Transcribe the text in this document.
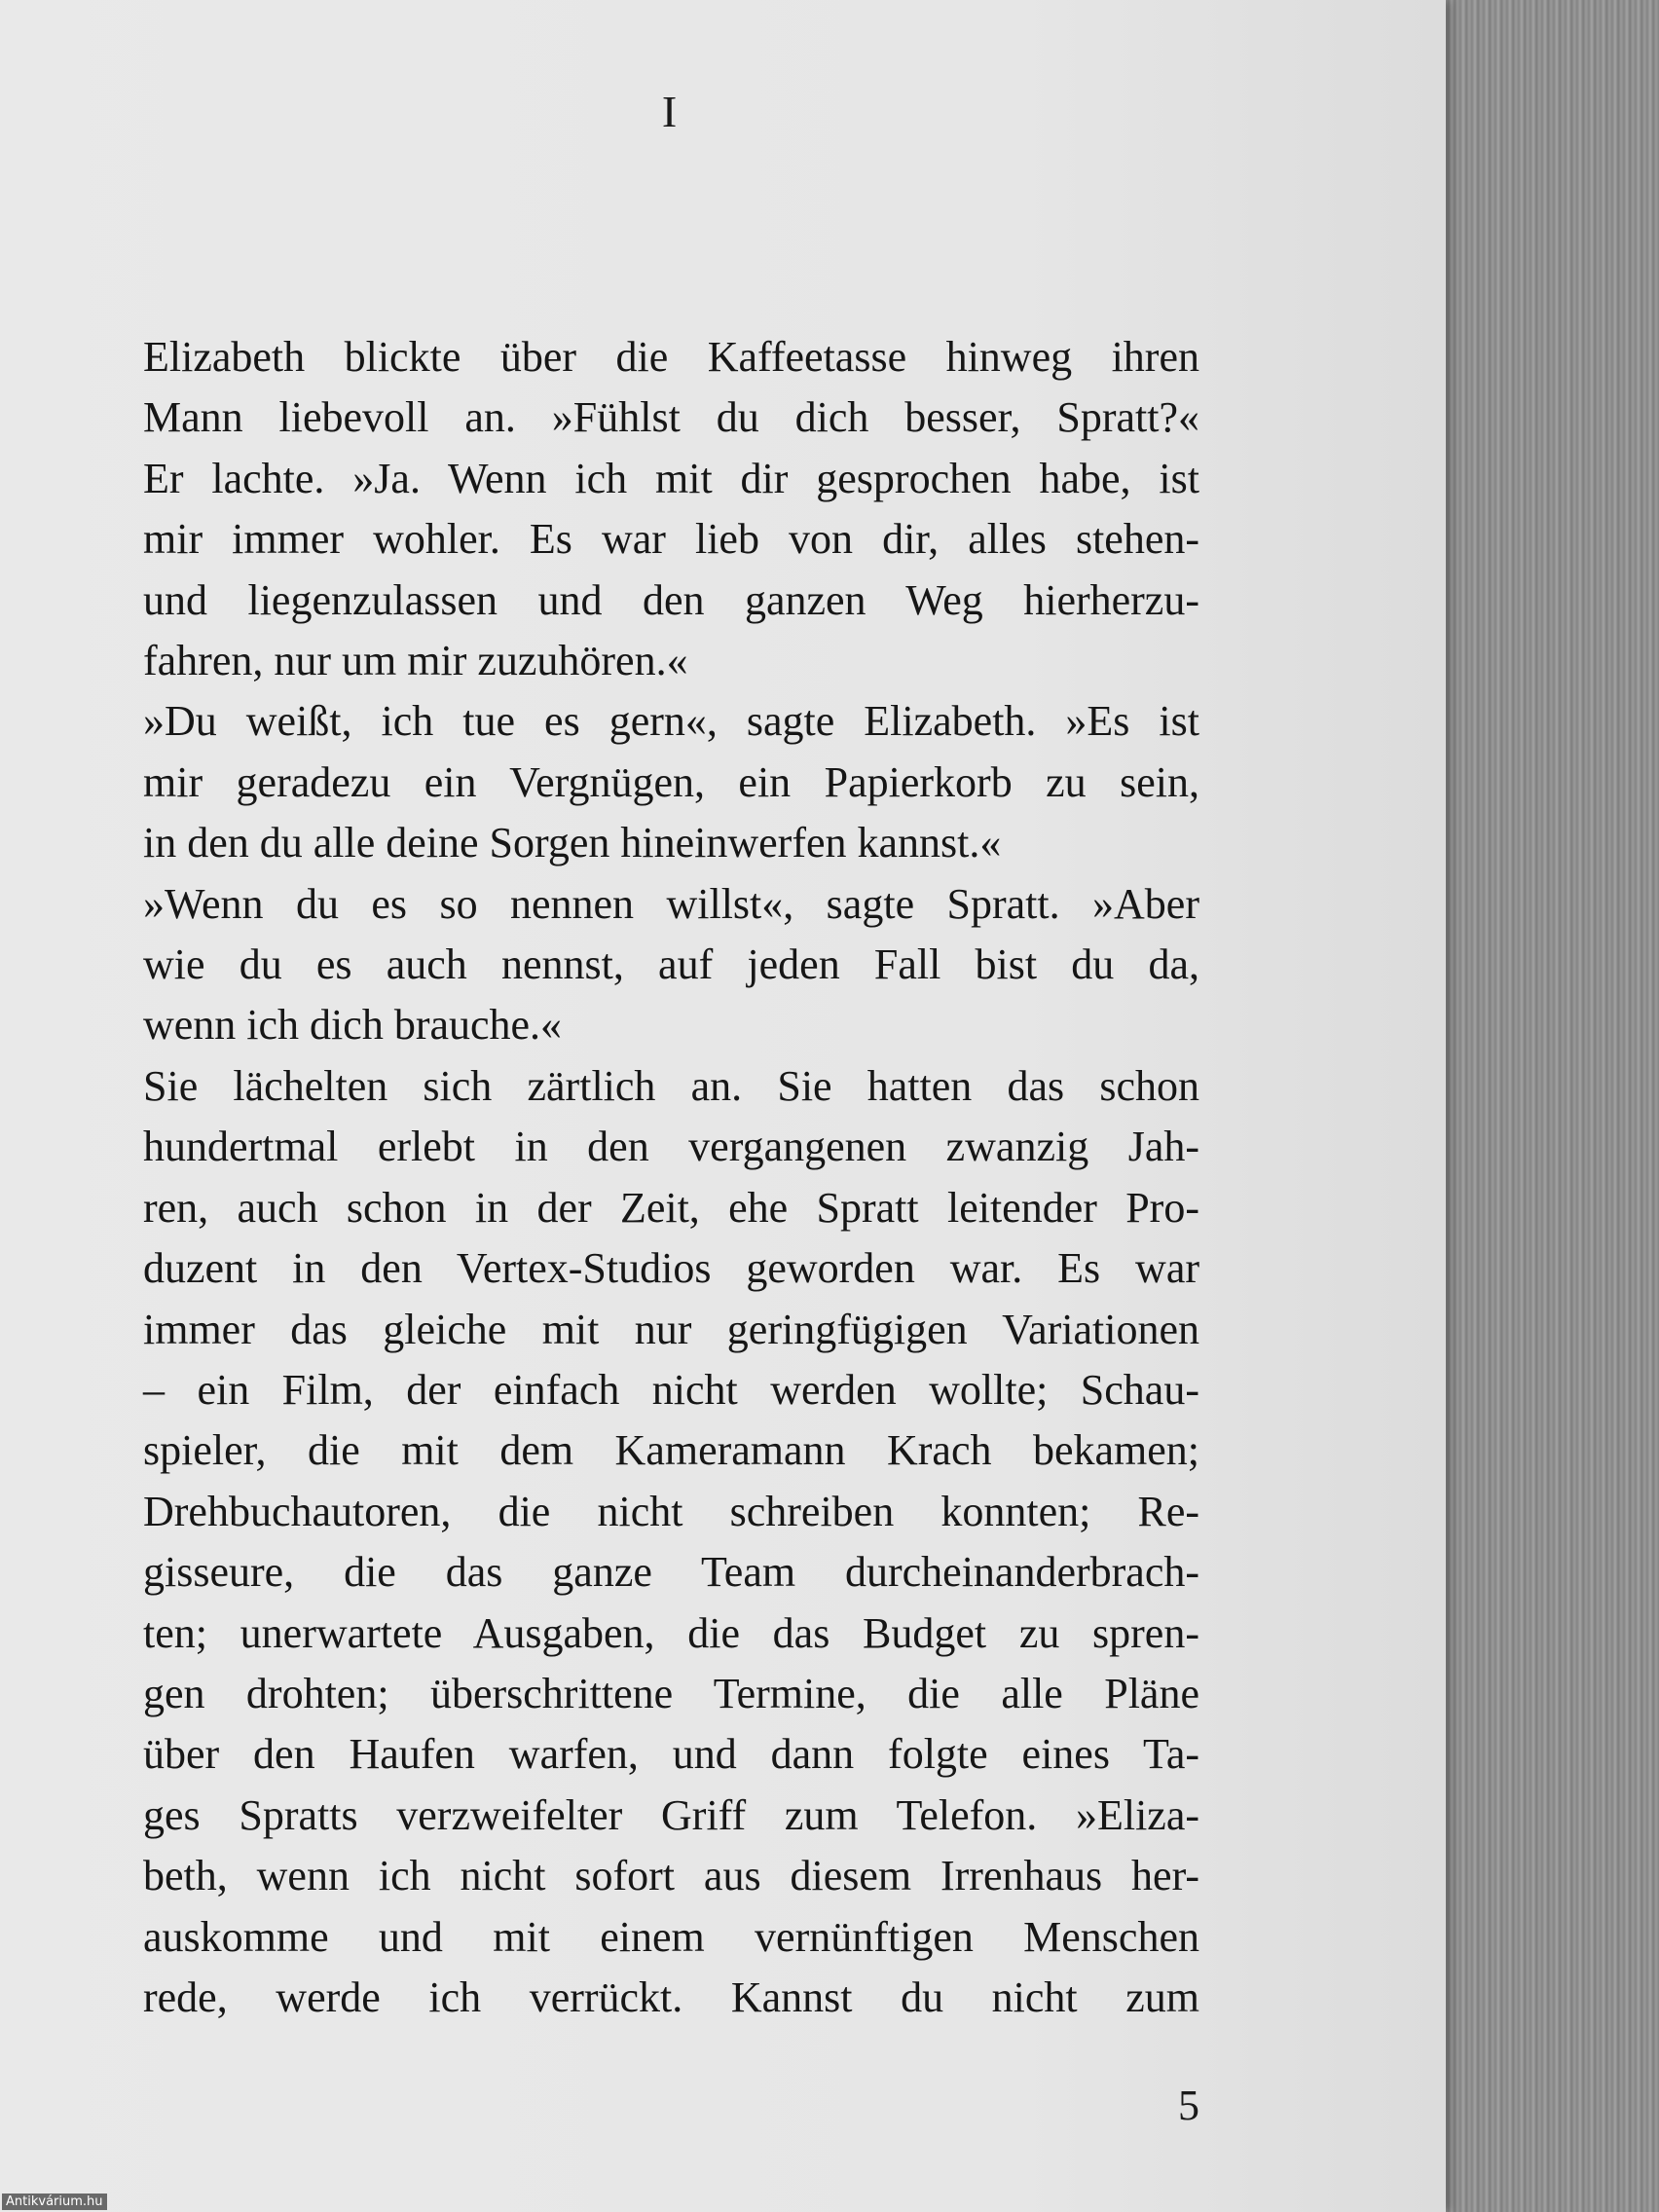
I
Elizabeth blickte über die Kaffeetasse hinweg ihren
Mann liebevoll an. »Fühlst du dich besser, Spratt?«
Er lachte. »Ja. Wenn ich mit dir gesprochen habe, ist
mir immer wohler. Es war lieb von dir, alles stehen-
und liegenzulassen und den ganzen Weg hierherzu-
fahren, nur um mir zuzuhören.«
»Du weißt, ich tue es gern«, sagte Elizabeth. »Es ist
mir geradezu ein Vergnügen, ein Papierkorb zu sein,
in den du alle deine Sorgen hineinwerfen kannst.«
»Wenn du es so nennen willst«, sagte Spratt. »Aber
wie du es auch nennst, auf jeden Fall bist du da,
wenn ich dich brauche.«
Sie lächelten sich zärtlich an. Sie hatten das schon
hundertmal erlebt in den vergangenen zwanzig Jah-
ren, auch schon in der Zeit, ehe Spratt leitender Pro-
duzent in den Vertex-Studios geworden war. Es war
immer das gleiche mit nur geringfügigen Variationen
– ein Film, der einfach nicht werden wollte; Schau-
spieler, die mit dem Kameramann Krach bekamen;
Drehbuchautoren, die nicht schreiben konnten; Re-
gisseure, die das ganze Team durcheinanderbrach-
ten; unerwartete Ausgaben, die das Budget zu spren-
gen drohten; überschrittene Termine, die alle Pläne
über den Haufen warfen, und dann folgte eines Ta-
ges Spratts verzweifelter Griff zum Telefon. »Eliza-
beth, wenn ich nicht sofort aus diesem Irrenhaus her-
auskomme und mit einem vernünftigen Menschen
rede, werde ich verrückt. Kannst du nicht zum
5
Antikvárium.hu
